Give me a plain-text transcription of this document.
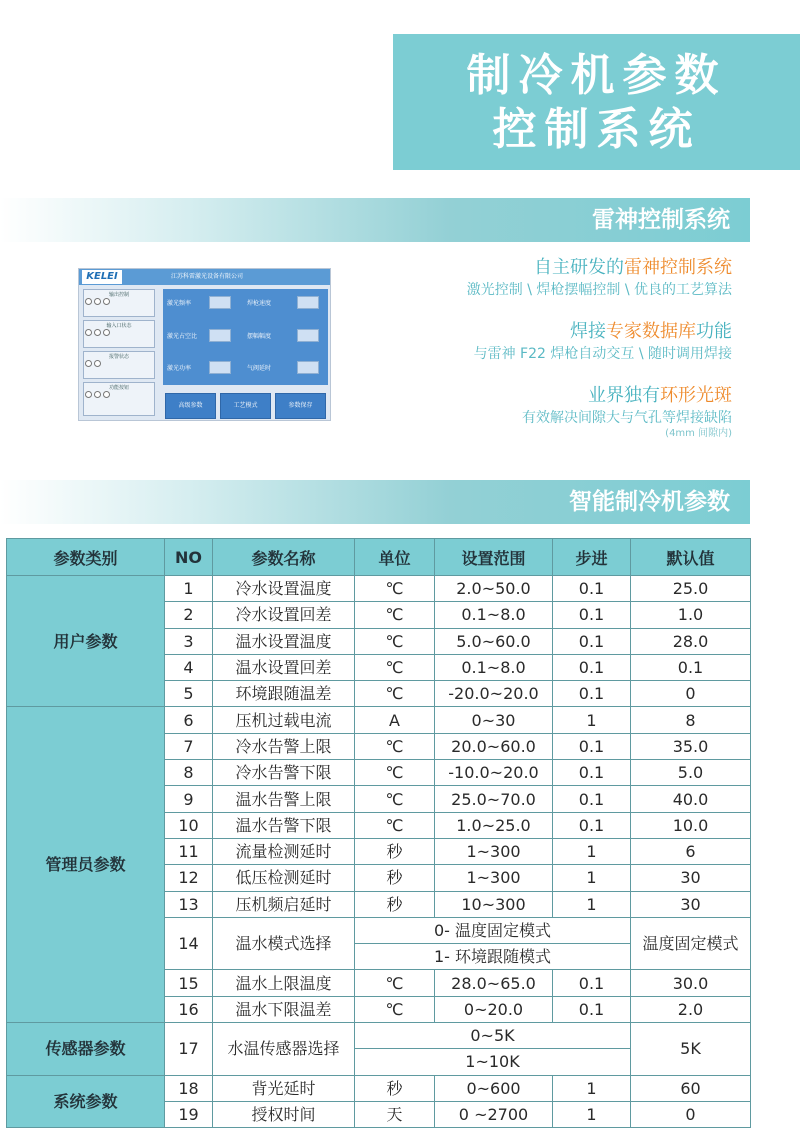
制冷机参数
控制系统
雷神控制系统
KELEI	江苏科雷激光设备有限公司
输出控制
输入口状态
报警状态
功能按钮
激光频率	焊枪速度
激光占空比	摆幅幅度
激光功率	气阀延时
高级参数	工艺模式	参数保存
自主研发的雷神控制系统
激光控制 \ 焊枪摆幅控制 \ 优良的工艺算法
焊接专家数据库功能
与雷神 F22 焊枪自动交互 \ 随时调用焊接
业界独有环形光斑
有效解决间隙大与气孔等焊接缺陷
(4mm 间隙内)
智能制冷机参数
参数类别	NO	参数名称	单位	设置范围	步进	默认值
用户参数	1	冷水设置温度	℃	2.0~50.0	0.1	25.0
	2	冷水设置回差	℃	0.1~8.0	0.1	1.0
	3	温水设置温度	℃	5.0~60.0	0.1	28.0
	4	温水设置回差	℃	0.1~8.0	0.1	0.1
	5	环境跟随温差	℃	-20.0~20.0	0.1	0
管理员参数	6	压机过载电流	A	0~30	1	8
	7	冷水告警上限	℃	20.0~60.0	0.1	35.0
	8	冷水告警下限	℃	-10.0~20.0	0.1	5.0
	9	温水告警上限	℃	25.0~70.0	0.1	40.0
	10	温水告警下限	℃	1.0~25.0	0.1	10.0
	11	流量检测延时	秒	1~300	1	6
	12	低压检测延时	秒	1~300	1	30
	13	压机频启延时	秒	10~300	1	30
	14	温水模式选择	0- 温度固定模式			温度固定模式
			1- 环境跟随模式			
	15	温水上限温度	℃	28.0~65.0	0.1	30.0
	16	温水下限温差	℃	0~20.0	0.1	2.0
传感器参数	17	水温传感器选择	0~5K			5K
			1~10K			
系统参数	18	背光延时	秒	0~600	1	60
	19	授权时间	天	0 ~2700	1	0
